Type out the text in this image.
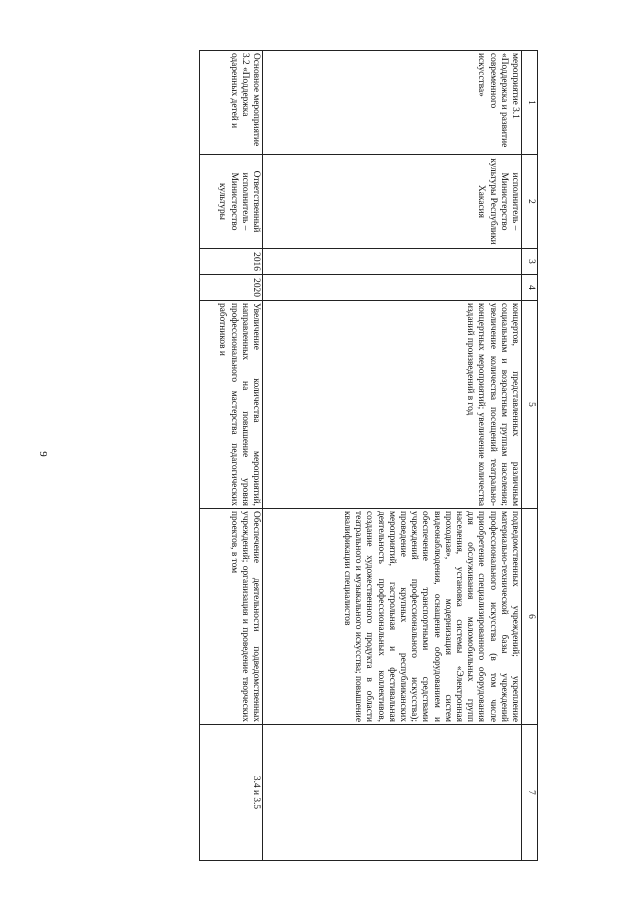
9
1	2	3	4	5	6	7
мероприятие 3.1 «Поддержка и развитие современного искусства»	исполнитель – Министерство культуры Республики Хакасия			концертов, представленных различным социальным и возрастным группам населения; увеличение количества посещений театрально-концертных мероприятий; увеличение количества изданий произведений в год	подведомственных учреждений; укрепление материально-технической базы учреждений профессионального искусства (в том числе приобретение специализированного оборудования для обслуживания маломобильных групп населения, установка системы «Электронная проходная», модернизация систем видеонаблюдения, оснащение оборудованием и обеспечение транспортными средствами учреждений профессионального искусства); проведение крупных республиканских мероприятий, гастрольная и фестивальная деятельность профессиональных коллективов, создание художественного продукта в области театрального и музыкального искусства; повышение квалификации специалистов	
Основное мероприятие 3.2 «Поддержка одаренных детей и	Ответственный исполнитель – Министерство культуры	2016	2020	Увеличение количества мероприятий, направленных на повышение уровня профессионального мастерства педагогических работников и	Обеспечение деятельности подведомственных учреждений; организация и проведение творческих проектов, в том	3.4 и 3.5
